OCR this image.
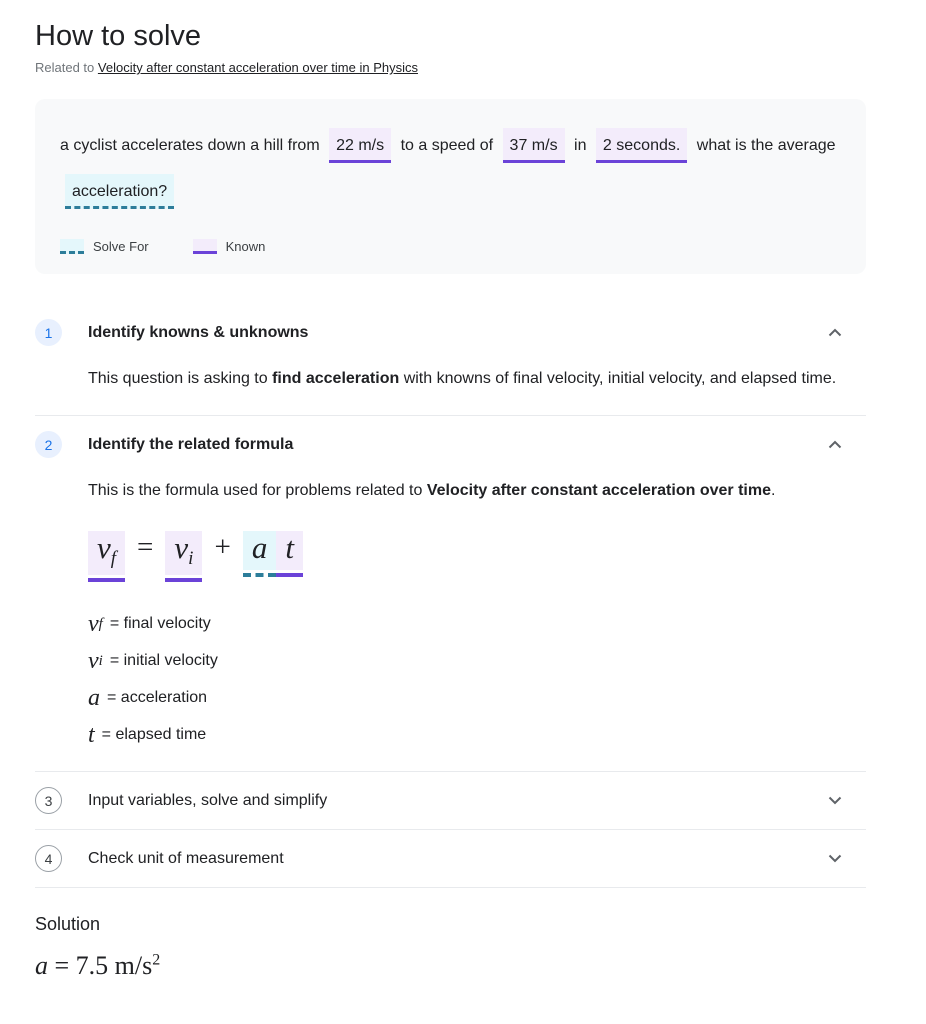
How to solve
Related to Velocity after constant acceleration over time in Physics
a cyclist accelerates down a hill from 22 m/s to a speed of 37 m/s in 2 seconds. what is the average acceleration?
Solve For	Known
1	Identify knowns & unknowns
This question is asking to find acceleration with knowns of final velocity, initial velocity, and elapsed time.
2	Identify the related formula
This is the formula used for problems related to Velocity after constant acceleration over time.
vf = vi + a t
v f = final velocity
v i = initial velocity
a = acceleration
t = elapsed time
3	Input variables, solve and simplify
4	Check unit of measurement
Solution
a = 7.5 $m/s^2$
